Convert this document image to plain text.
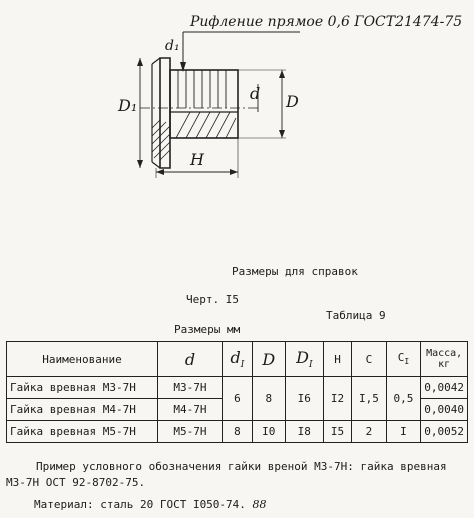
Рифление прямое 0,6 ГОСТ21474-75
d₁
D₁
d D
H
Размеры для справок
Черт. I5
Таблица 9
Размеры мм
Наименование	d	$d_I$	D	$D_I$	H	C	$C_I$	Масса,
кг
Гайка вревная М3-7Н	М3-7Н	6	8	I6	I2	I,5	0,5	0,0042
Гайка вревная М4-7Н	М4-7Н							0,0040
Гайка вревная М5-7Н	М5-7Н	8	I0	I8	I5	2	I	0,0052
Пример условного обозначения гайки вреной М3-7Н: гайка вревная
М3-7Н ОСТ 92-8702-75.
Материал: сталь 20 ГОСТ I050-74. 88
